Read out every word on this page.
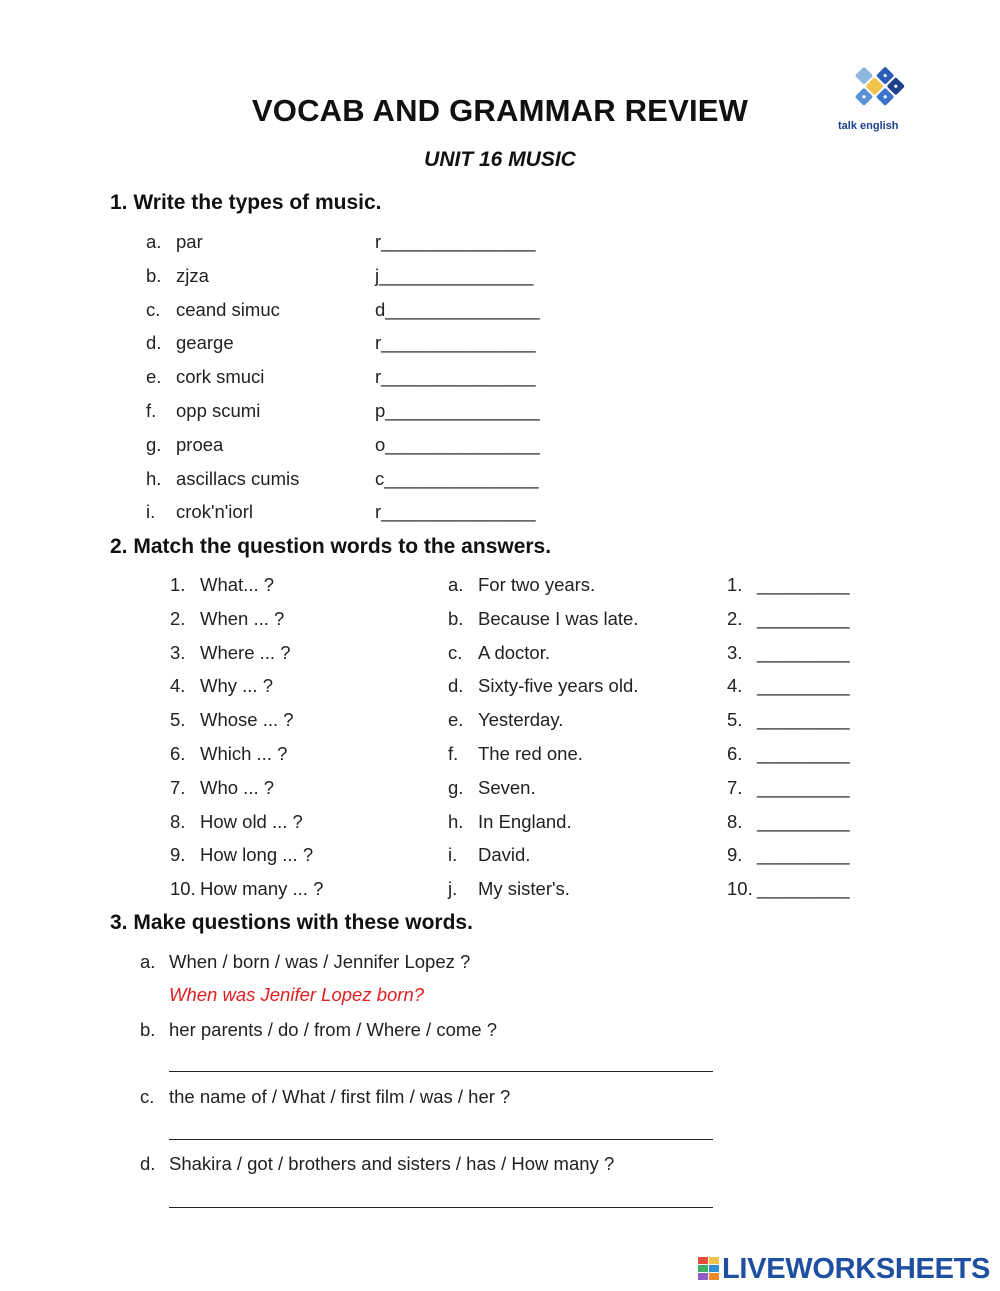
talk english
VOCAB AND GRAMMAR REVIEW
UNIT 16 MUSIC
1. Write the types of music.
a. par	r_______________
b. zjza	j_______________
c. ceand simuc	d_______________
d. gearge	r_______________
e. cork smuci	r_______________
f. opp scumi	p_______________
g. proea	o_______________
h. ascillacs cumis	c_______________
i. crok'n'iorl	r_______________
2. Match the question words to the answers.
1. What... ?	a. For two years.	1. _________
2. When ... ?	b. Because I was late.	2. _________
3. Where ... ?	c. A doctor.	3. _________
4. Why ... ?	d. Sixty-five years old.	4. _________
5. Whose ... ?	e. Yesterday.	5. _________
6. Which ... ?	f. The red one.	6. _________
7. Who ... ?	g. Seven.	7. _________
8. How old ... ?	h. In England.	8. _________
9. How long ... ?	i. David.	9. _________
10. How many ... ?	j. My sister's.	10. _________
3. Make questions with these words.
a. When / born / was / Jennifer Lopez ?
When was Jenifer Lopez born?
b. her parents / do / from / Where / come ?
c. the name of / What / first film / was / her ?
d. Shakira / got / brothers and sisters / has / How many ?
LIVEWORKSHEETS
